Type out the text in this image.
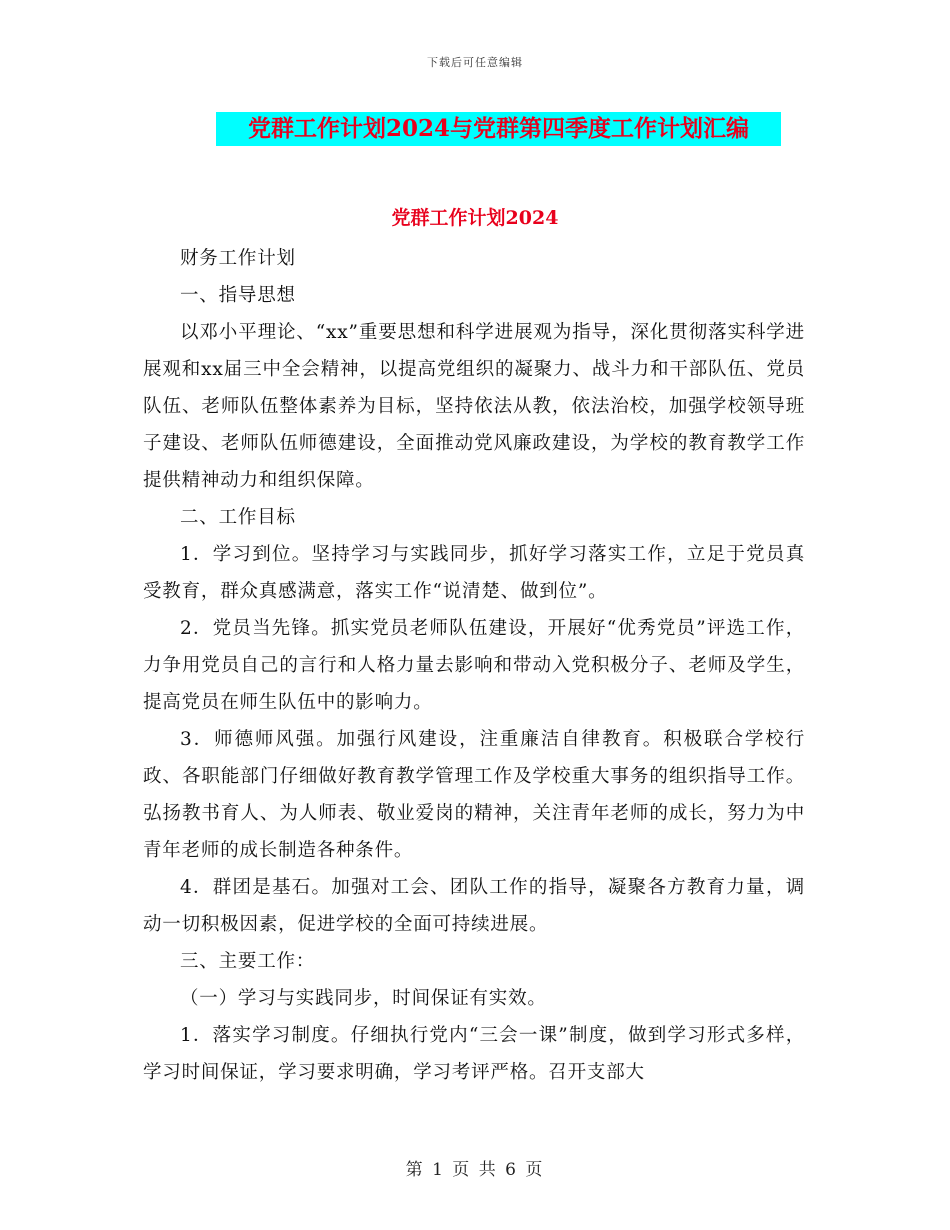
下载后可任意编辑
党群工作计划2024与党群第四季度工作计划汇编
党群工作计划2024

财务工作计划

一、指导思想

以邓小平理论、“xx”重要思想和科学进展观为指导，深化贯彻落实科学进展观和xx届三中全会精神，以提高党组织的凝聚力、战斗力和干部队伍、党员队伍、老师队伍整体素养为目标，坚持依法从教，依法治校，加强学校领导班子建设、老师队伍师德建设，全面推动党风廉政建设，为学校的教育教学工作提供精神动力和组织保障。

二、工作目标

1．学习到位。坚持学习与实践同步，抓好学习落实工作，立足于党员真受教育，群众真感满意，落实工作“说清楚、做到位”。

2．党员当先锋。抓实党员老师队伍建设，开展好“优秀党员”评选工作，力争用党员自己的言行和人格力量去影响和带动入党积极分子、老师及学生，提高党员在师生队伍中的影响力。

3．师德师风强。加强行风建设，注重廉洁自律教育。积极联合学校行政、各职能部门仔细做好教育教学管理工作及学校重大事务的组织指导工作。弘扬教书育人、为人师表、敬业爱岗的精神，关注青年老师的成长，努力为中青年老师的成长制造各种条件。

4．群团是基石。加强对工会、团队工作的指导，凝聚各方教育力量，调动一切积极因素，促进学校的全面可持续进展。

三、主要工作：

（一）学习与实践同步，时间保证有实效。

1．落实学习制度。仔细执行党内“三会一课”制度，做到学习形式多样，学习时间保证，学习要求明确，学习考评严格。召开支部大

第 1 页 共 6 页
